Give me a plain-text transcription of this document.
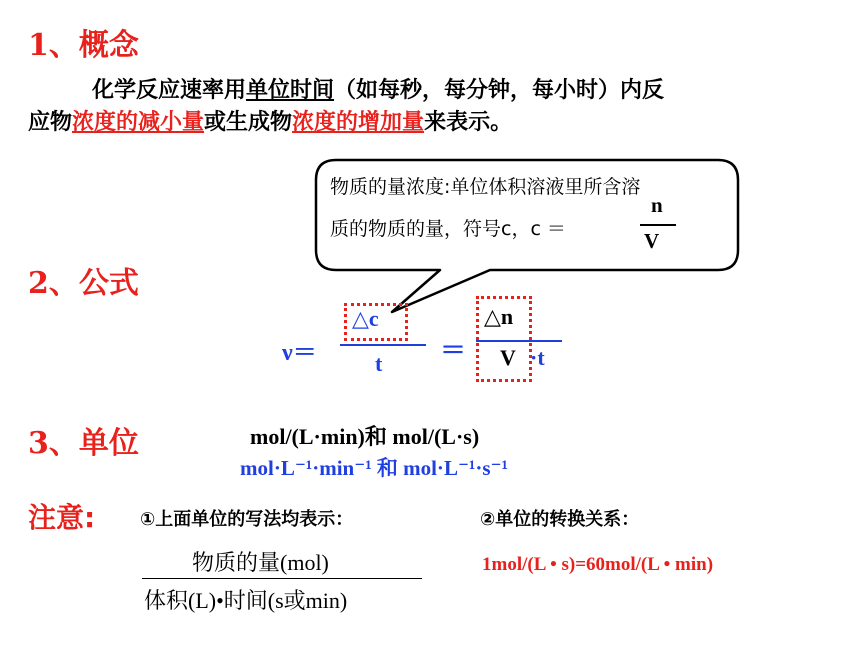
1、概念
化学反应速率用单位时间（如每秒，每分钟，每小时）内反
应物浓度的减小量或生成物浓度的增加量来表示。
物质的量浓度:单位体积溶液里所含溶
质的物质的量，符号c，c ＝
n
V
2、公式
ν＝
△c
t ＝
△n
V ·t
3、单位	mol/(L·min)和 mol/(L·s)
mol·L⁻¹·min⁻¹ 和 mol·L⁻¹·s⁻¹
注意: ①上面单位的写法均表示：	②单位的转换关系：
物质的量(mol)
体积(L)•时间(s或min)
1mol/(L • s)=60mol/(L • min)
